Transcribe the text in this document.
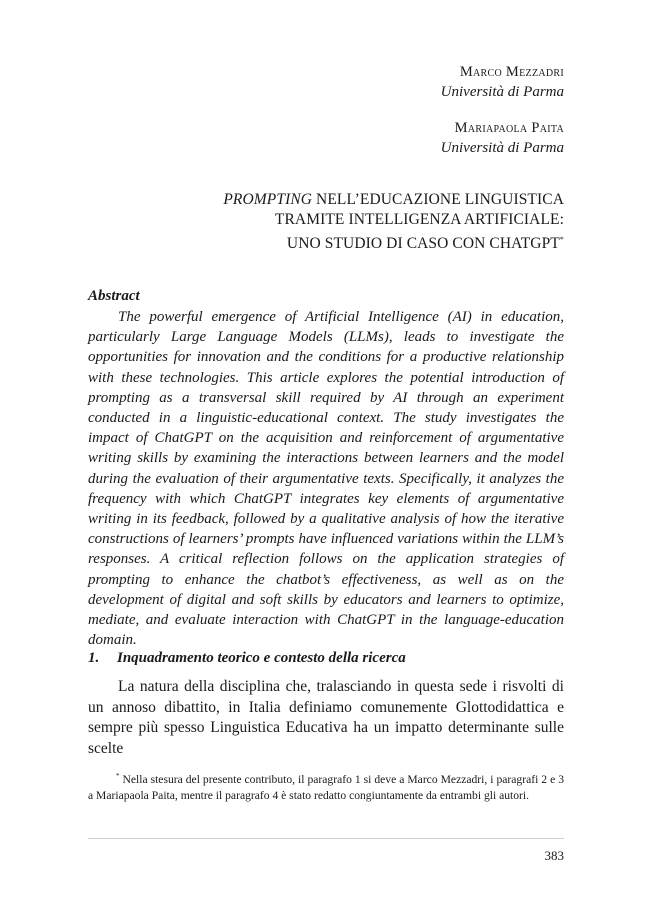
Marco Mezzadri
Università di Parma
Mariapaola Paita
Università di Parma
PROMPTING NELL’EDUCAZIONE LINGUISTICA
TRAMITE INTELLIGENZA ARTIFICIALE:
UNO STUDIO DI CASO CON CHATGPT*
Abstract

The powerful emergence of Artificial Intelligence (AI) in education, particularly Large Language Models (LLMs), leads to investigate the opportunities for innovation and the conditions for a productive relationship with these technologies. This article explores the potential introduction of prompting as a transversal skill required by AI through an experiment conducted in a linguistic-educational context. The study investigates the impact of ChatGPT on the acquisition and reinforcement of argumentative writing skills by examining the interactions between learners and the model during the evaluation of their argumentative texts. Specifically, it analyzes the frequency with which ChatGPT integrates key elements of argumentative writing in its feedback, followed by a qualitative analysis of how the iterative constructions of learners’ prompts have influenced variations within the LLM’s responses. A critical reflection follows on the application strategies of prompting to enhance the chatbot’s effectiveness, as well as on the development of digital and soft skills by educators and learners to optimize, mediate, and evaluate interaction with ChatGPT in the language-education domain.

1. Inquadramento teorico e contesto della ricerca

La natura della disciplina che, tralasciando in questa sede i risvolti di un annoso dibattito, in Italia definiamo comunemente Glottodidattica e sempre più spesso Linguistica Educativa ha un impatto determinante sulle scelte

* Nella stesura del presente contributo, il paragrafo 1 si deve a Marco Mezzadri, i paragrafi 2 e 3 a Mariapaola Paita, mentre il paragrafo 4 è stato redatto congiuntamente da entrambi gli autori.
383
